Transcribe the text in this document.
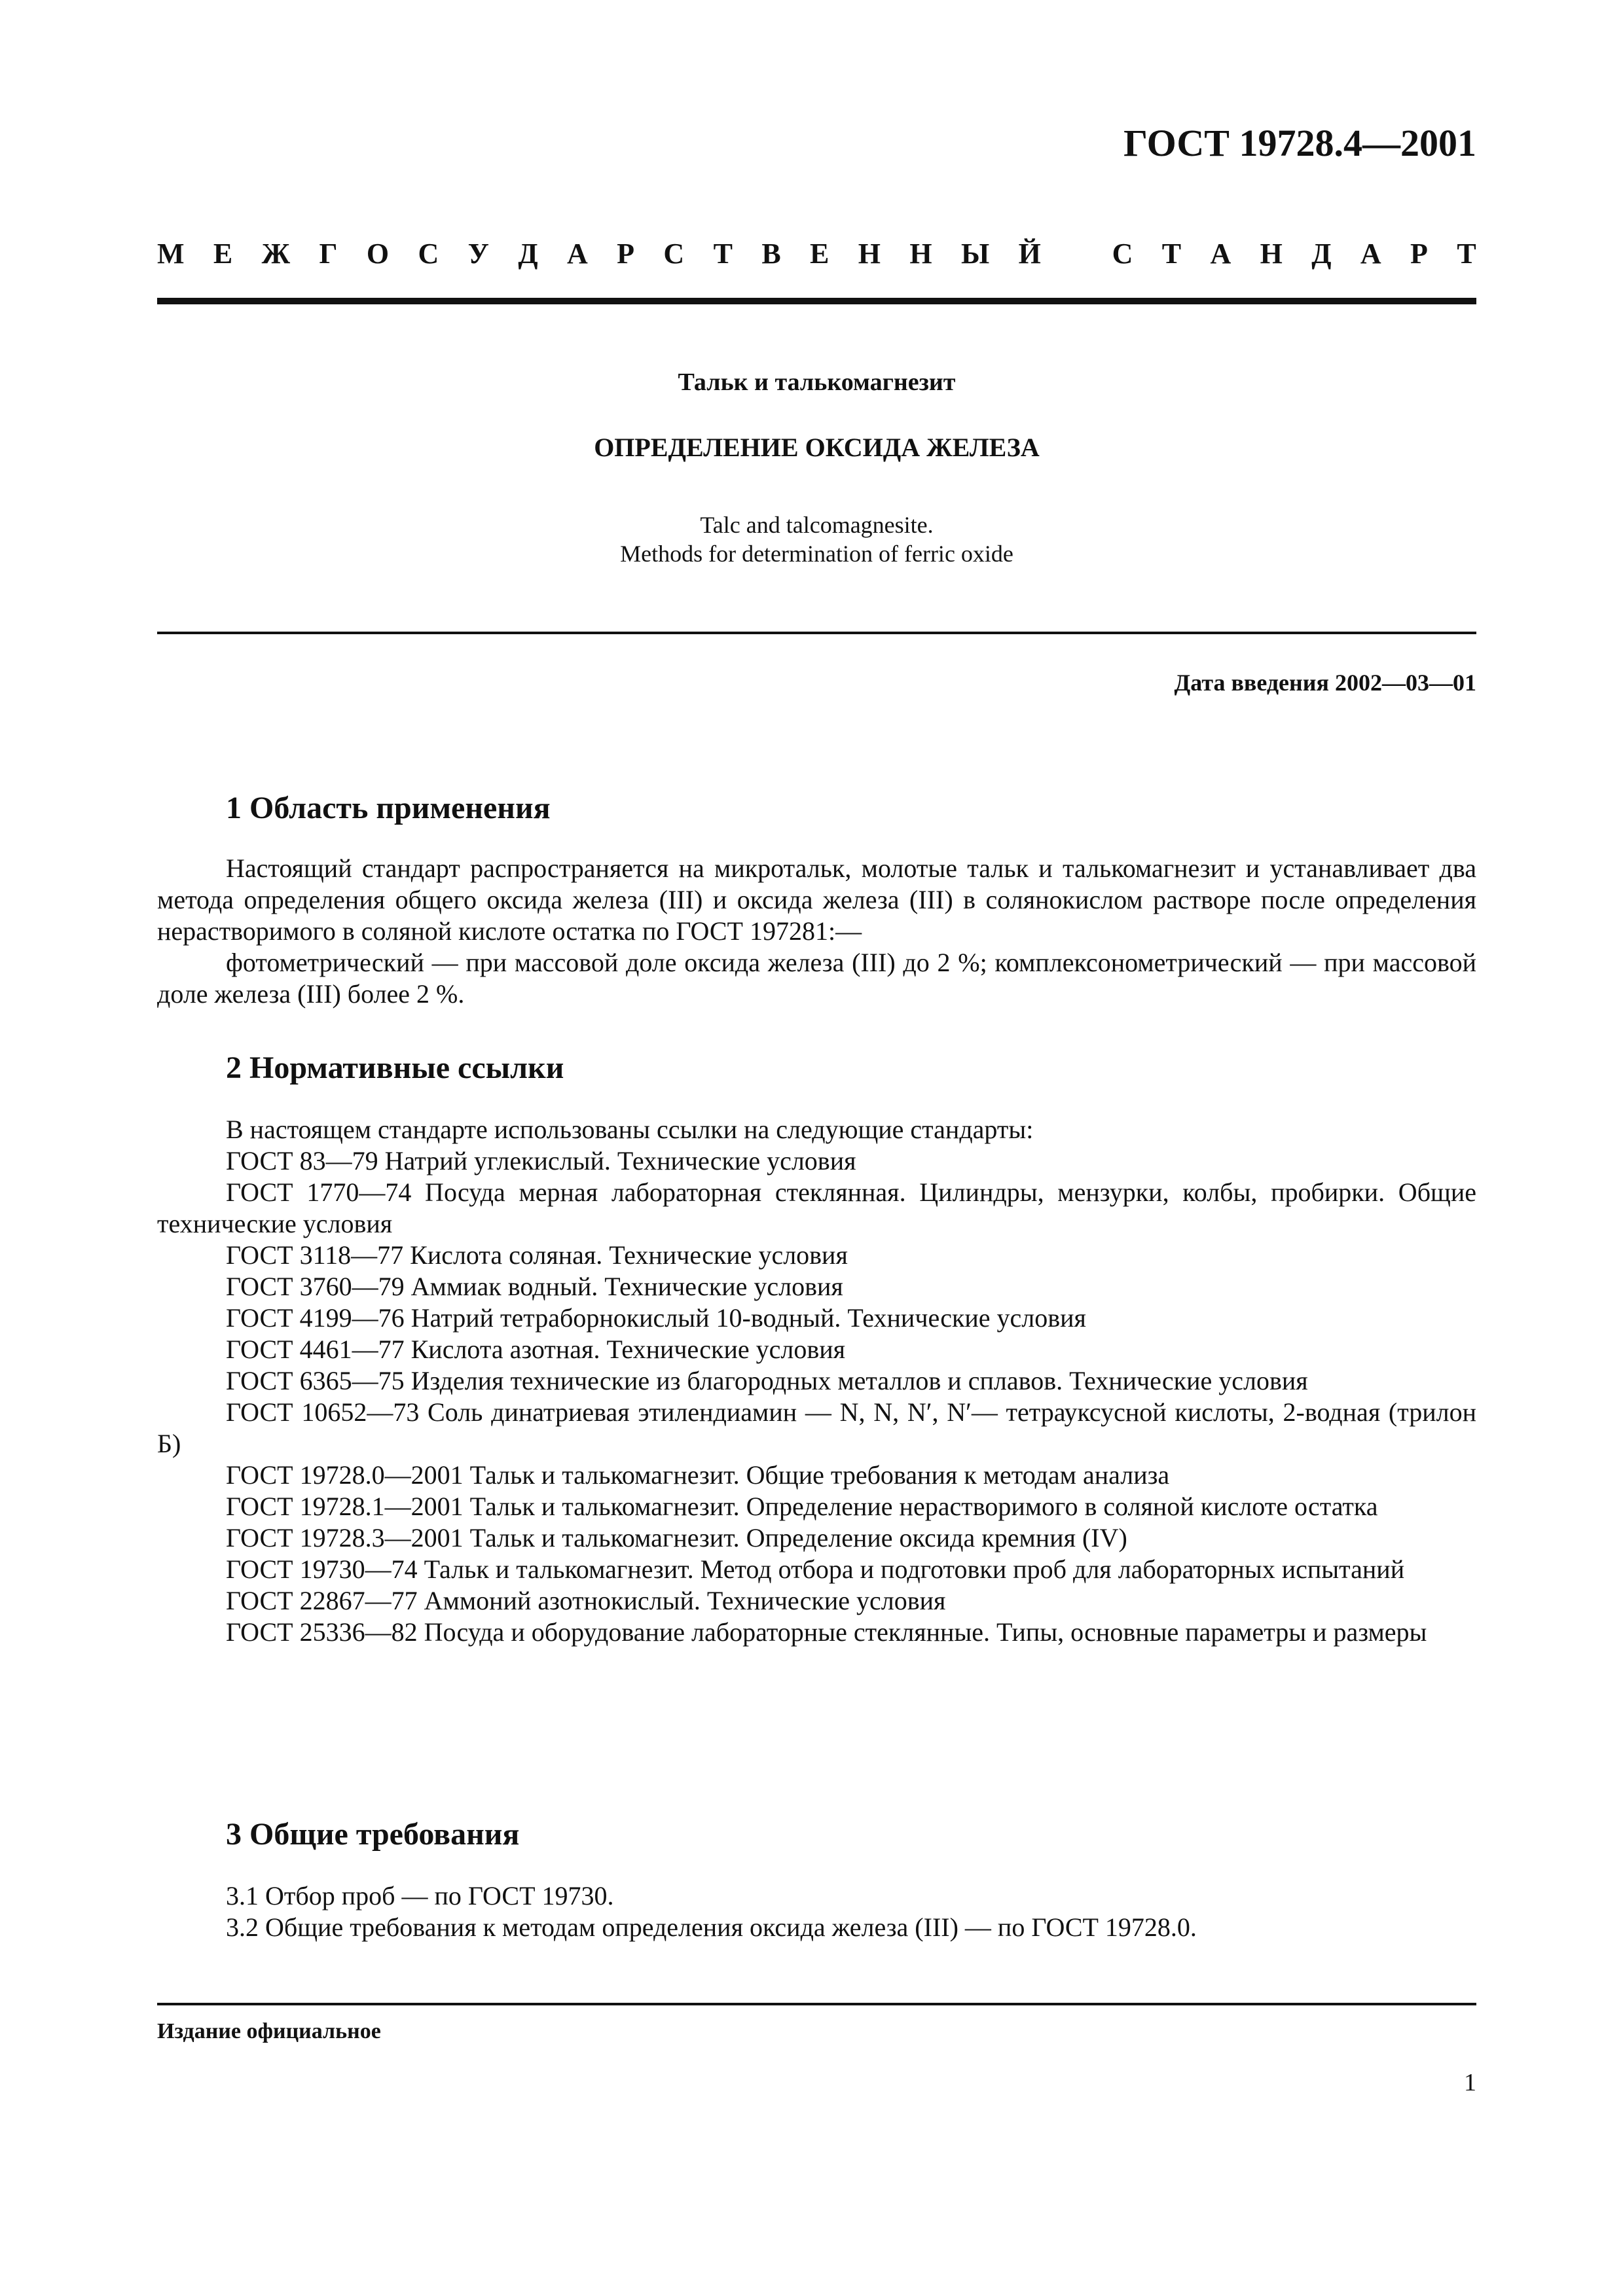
ГОСТ 19728.4—2001
М Е Ж Г О С У Д А Р С Т В Е Н Н Ы Й С Т А Н Д А Р Т
Тальк и талькомагнезит
ОПРЕДЕЛЕНИЕ ОКСИДА ЖЕЛЕЗА
Talc and talcomagnesite.
Methods for determination of ferric oxide
Дата введения 2002—03—01
1 Область применения

Настоящий стандарт распространяется на микротальк, молотые тальк и талькомагнезит и устанавливает два метода определения общего оксида железа (III) и оксида железа (III) в солянокислом растворе после определения нерастворимого в соляной кислоте остатка по ГОСТ 197281:—

фотометрический — при массовой доле оксида железа (III) до 2 %; комплексонометрический — при массовой доле железа (III) более 2 %.

2 Нормативные ссылки

В настоящем стандарте использованы ссылки на следующие стандарты:

ГОСТ 83—79 Натрий углекислый. Технические условия

ГОСТ 1770—74 Посуда мерная лабораторная стеклянная. Цилиндры, мензурки, колбы, пробирки. Общие технические условия

ГОСТ 3118—77 Кислота соляная. Технические условия

ГОСТ 3760—79 Аммиак водный. Технические условия

ГОСТ 4199—76 Натрий тетраборнокислый 10-водный. Технические условия

ГОСТ 4461—77 Кислота азотная. Технические условия

ГОСТ 6365—75 Изделия технические из благородных металлов и сплавов. Технические условия

ГОСТ 10652—73 Соль динатриевая этилендиамин — N, N, N′, N′— тетрауксусной кислоты, 2-водная (трилон Б)

ГОСТ 19728.0—2001 Тальк и талькомагнезит. Общие требования к методам анализа

ГОСТ 19728.1—2001 Тальк и талькомагнезит. Определение нерастворимого в соляной кислоте остатка

ГОСТ 19728.3—2001 Тальк и талькомагнезит. Определение оксида кремния (IV)

ГОСТ 19730—74 Тальк и талькомагнезит. Метод отбора и подготовки проб для лабораторных испытаний

ГОСТ 22867—77 Аммоний азотнокислый. Технические условия

ГОСТ 25336—82 Посуда и оборудование лабораторные стеклянные. Типы, основные параметры и размеры

3 Общие требования

3.1 Отбор проб — по ГОСТ 19730.

3.2 Общие требования к методам определения оксида железа (III) — по ГОСТ 19728.0.

Издание официальное
1
